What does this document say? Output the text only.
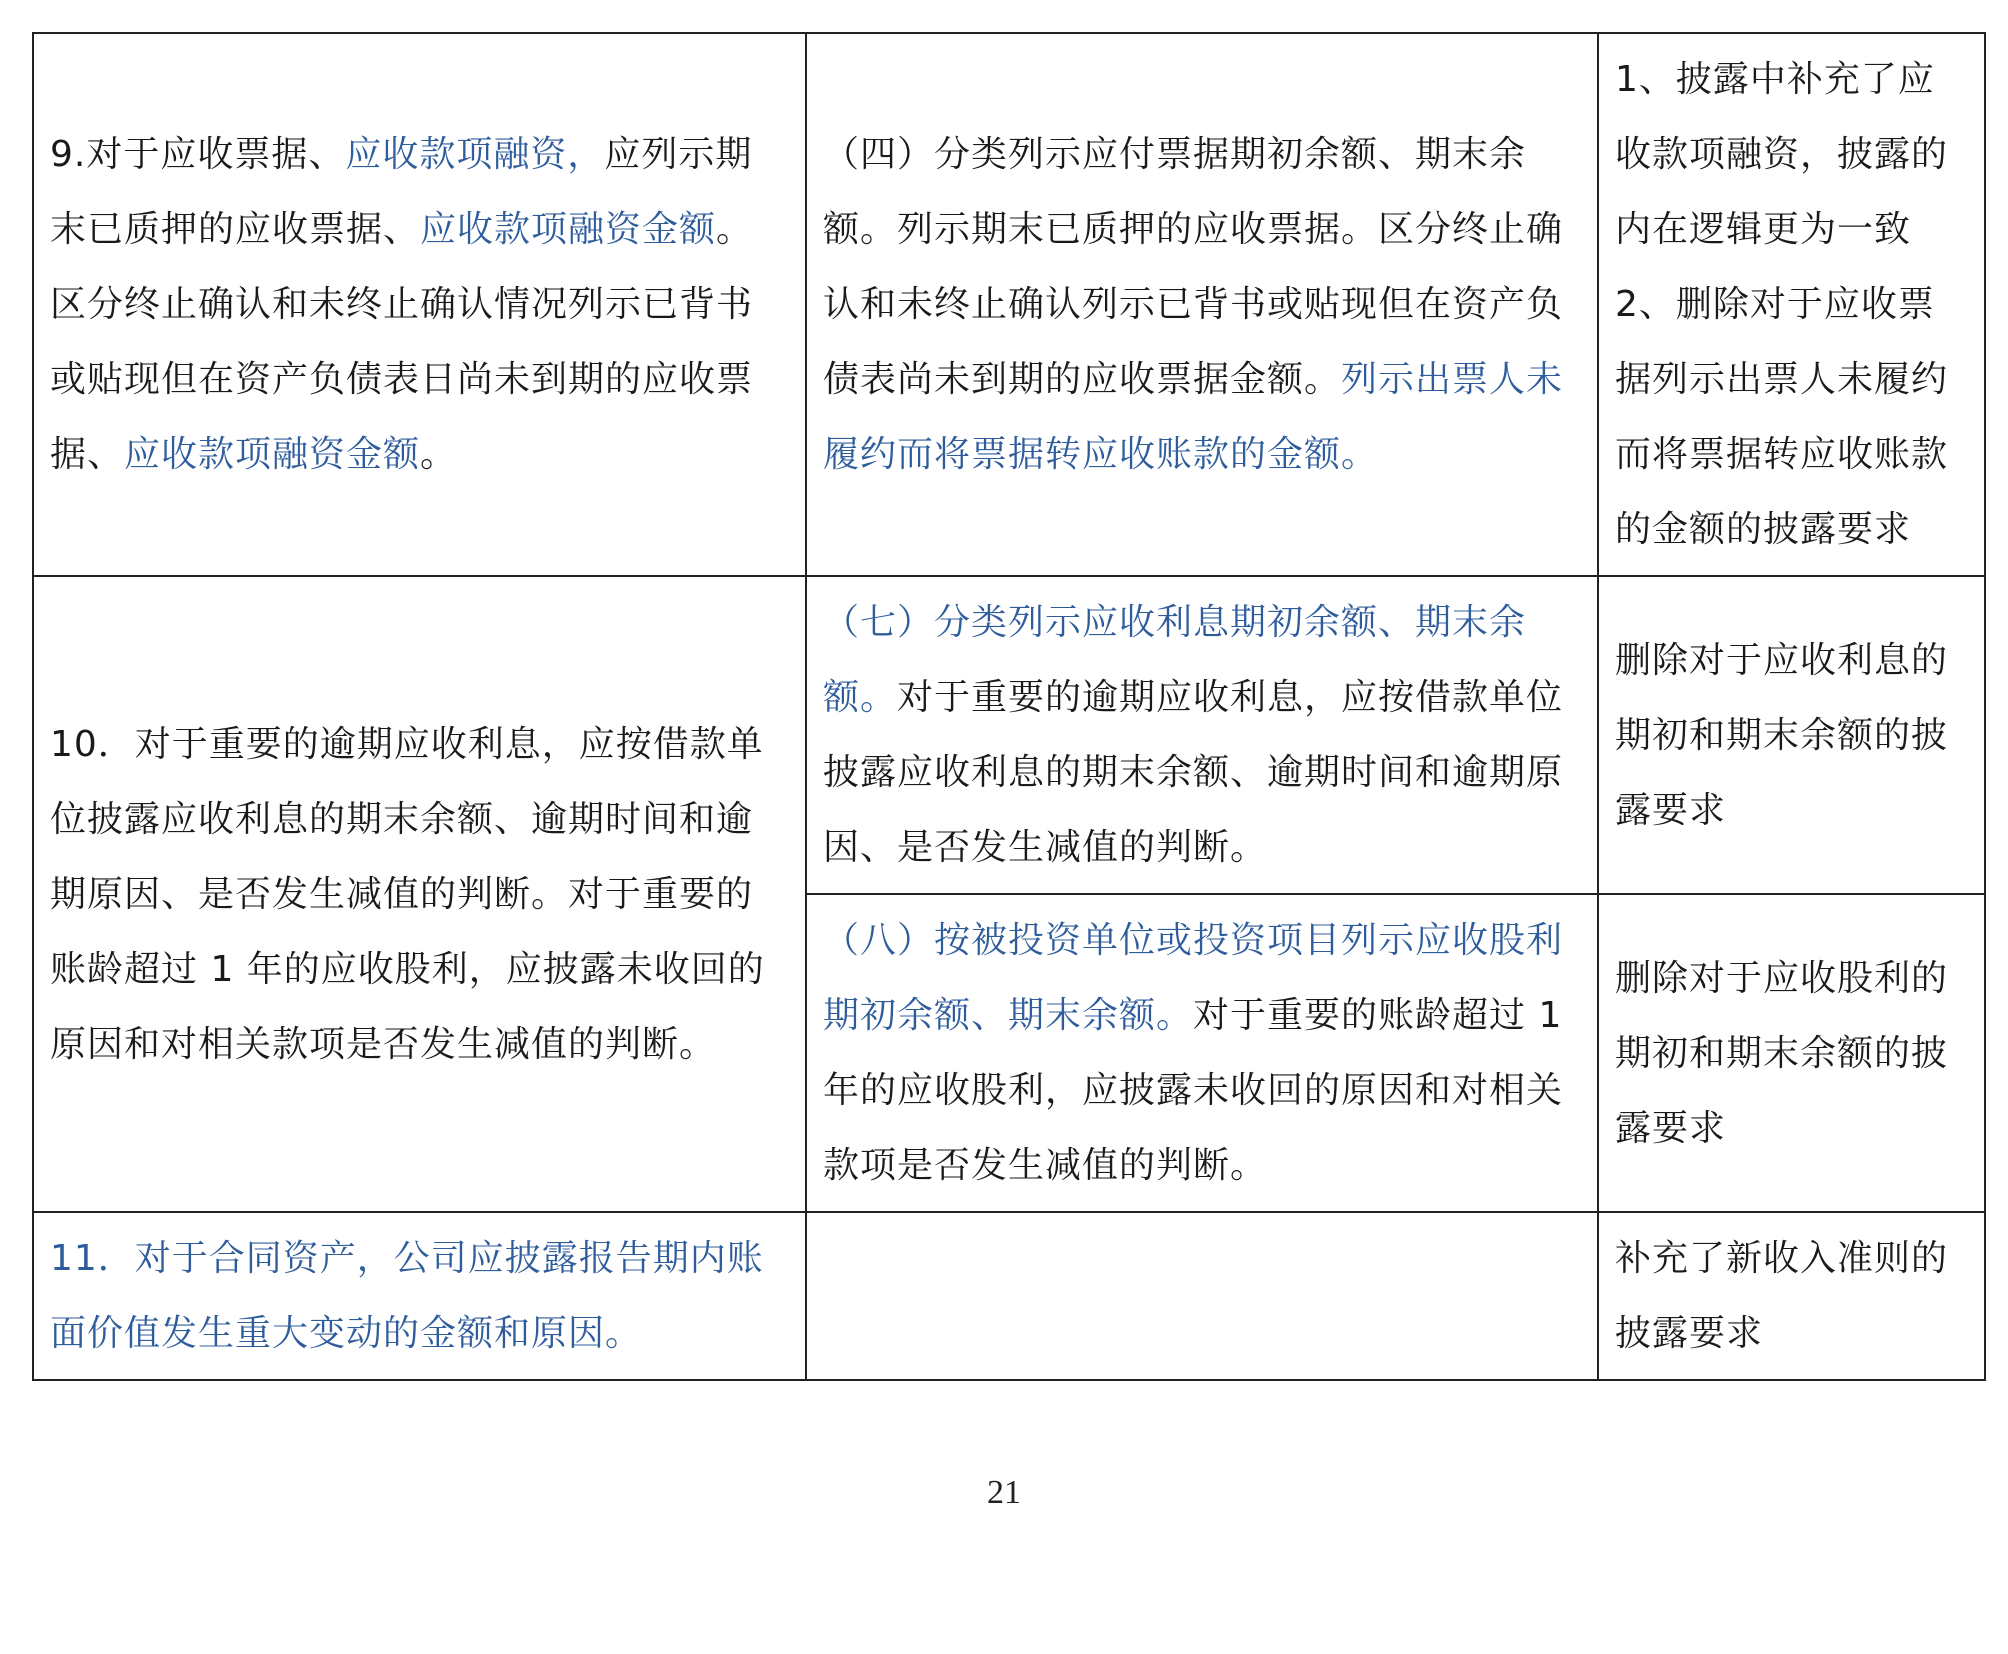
9.对于应收票据、应收款项融资，应列示期末已质押的应收票据、应收款项融资金额。区分终止确认和未终止确认情况列示已背书或贴现但在资产负债表日尚未到期的应收票据、应收款项融资金额。	（四）分类列示应付票据期初余额、期末余额。列示期末已质押的应收票据。区分终止确认和未终止确认列示已背书或贴现但在资产负债表尚未到期的应收票据金额。列示出票人未履约而将票据转应收账款的金额。	1、披露中补充了应收款项融资，披露的内在逻辑更为一致2、删除对于应收票据列示出票人未履约而将票据转应收账款的金额的披露要求
10．对于重要的逾期应收利息，应按借款单位披露应收利息的期末余额、逾期时间和逾期原因、是否发生减值的判断。对于重要的账龄超过 1 年的应收股利，应披露未收回的原因和对相关款项是否发生减值的判断。	（七）分类列示应收利息期初余额、期末余额。对于重要的逾期应收利息，应按借款单位披露应收利息的期末余额、逾期时间和逾期原因、是否发生减值的判断。	删除对于应收利息的期初和期末余额的披露要求
	（八）按被投资单位或投资项目列示应收股利期初余额、期末余额。对于重要的账龄超过 1 年的应收股利，应披露未收回的原因和对相关款项是否发生减值的判断。	删除对于应收股利的期初和期末余额的披露要求
11．对于合同资产，公司应披露报告期内账面价值发生重大变动的金额和原因。		补充了新收入准则的披露要求
21
